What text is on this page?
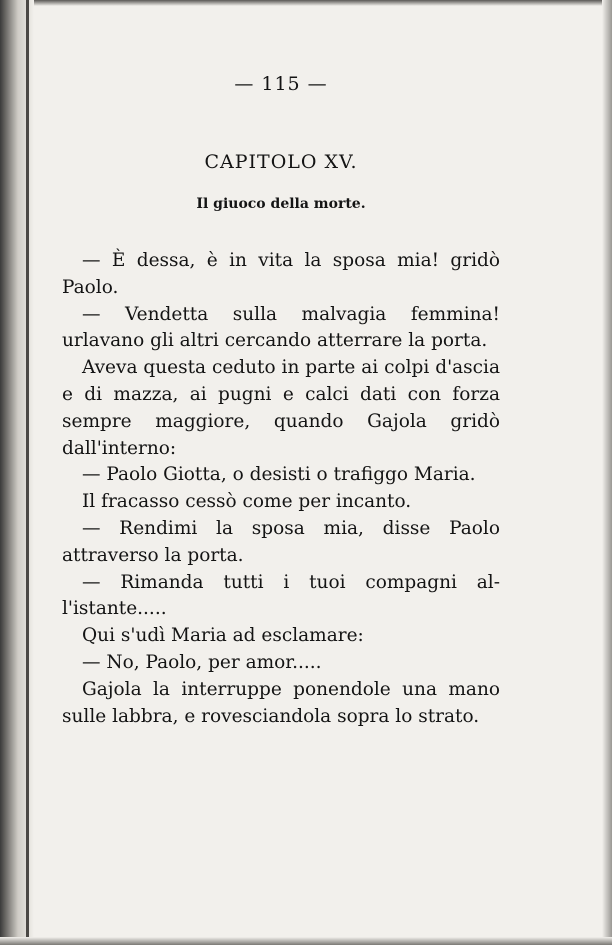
— 115 —
CAPITOLO XV.
Il giuoco della morte.

— È dessa, è in vita la sposa mia! gridò Paolo.

— Vendetta sulla malvagia femmina! urlavano gli altri cercando atterrare la porta.

Aveva questa ceduto in parte ai colpi d'ascia e di mazza, ai pugni e calci dati con forza sempre maggiore, quando Gajola gridò dall'interno:

— Paolo Giotta, o desisti o trafiggo Maria.

Il fracasso cessò come per incanto.

— Rendimi la sposa mia, disse Paolo attraverso la porta.

— Rimanda tutti i tuoi compagni all'istante.....

Qui s'udì Maria ad esclamare:

— No, Paolo, per amor.....

Gajola la interruppe ponendole una mano sulle labbra, e rovesciandola sopra lo strato.
